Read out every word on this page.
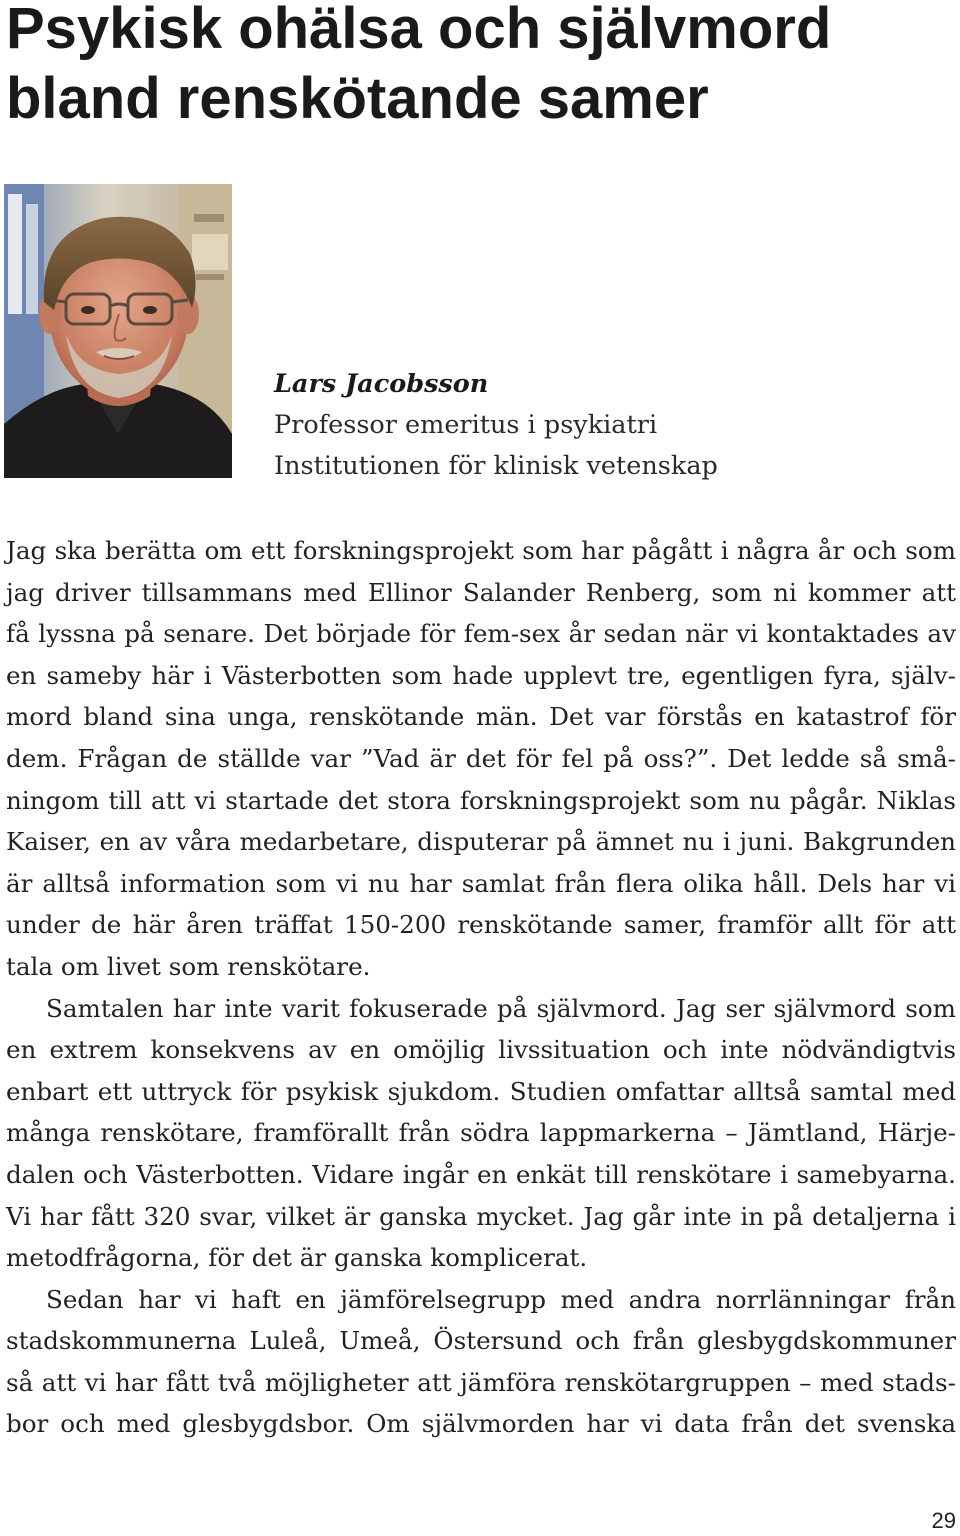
Psykisk ohälsa och självmord
bland renskötande samer
Lars Jacobsson
Professor emeritus i psykiatri
Institutionen för klinisk vetenskap
Jag ska berätta om ett forskningsprojekt som har pågått i några år och som
jag driver tillsammans med Ellinor Salander Renberg, som ni kommer att
få lyssna på senare. Det började för fem-sex år sedan när vi kontaktades av
en sameby här i Västerbotten som hade upplevt tre, egentligen fyra, själv-
mord bland sina unga, renskötande män. Det var förstås en katastrof för
dem. Frågan de ställde var ”Vad är det för fel på oss?”. Det ledde så små-
ningom till att vi startade det stora forskningsprojekt som nu pågår. Niklas
Kaiser, en av våra medarbetare, disputerar på ämnet nu i juni. Bakgrunden
är alltså information som vi nu har samlat från flera olika håll. Dels har vi
under de här åren träffat 150-200 renskötande samer, framför allt för att
tala om livet som renskötare.
Samtalen har inte varit fokuserade på självmord. Jag ser självmord som
en extrem konsekvens av en omöjlig livssituation och inte nödvändigtvis
enbart ett uttryck för psykisk sjukdom. Studien omfattar alltså samtal med
många renskötare, framförallt från södra lappmarkerna – Jämtland, Härje-
dalen och Västerbotten. Vidare ingår en enkät till renskötare i samebyarna.
Vi har fått 320 svar, vilket är ganska mycket. Jag går inte in på detaljerna i
metodfrågorna, för det är ganska komplicerat.
Sedan har vi haft en jämförelsegrupp med andra norrlänningar från
stadskommunerna Luleå, Umeå, Östersund och från glesbygdskommuner
så att vi har fått två möjligheter att jämföra renskötargruppen – med stads-
bor och med glesbygdsbor. Om självmorden har vi data från det svenska
29
